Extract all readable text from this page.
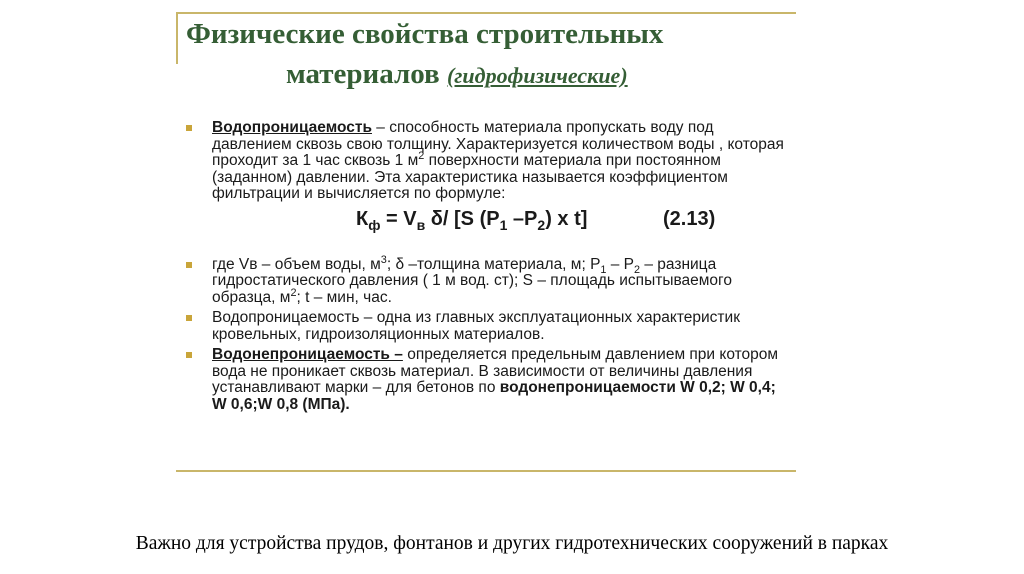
Физические свойства строительных
материалов (гидрофизические)
Водопроницаемость – способность материала пропускать воду под давлением сквозь свою толщину. Характеризуется количеством воды , которая проходит за 1 час сквозь 1 $м^2$ поверхности материала при постоянном (заданном) давлении. Эта характеристика называется коэффициентом фильтрации и вычисляется по формуле:
$К_ф = V_в$ δ/ [S ($P_1$ $-P_2$) x t]	(2.13)
где Vв – объем воды, $м^3$; δ –толщина материала, м; $Р_1 - Р_2$ – разница гидростатического давления ( 1 м вод. ст); S – площадь испытываемого образца, $м^2$; t – мин, час.
Водопроницаемость – одна из главных эксплуатационных характеристик кровельных, гидроизоляционных материалов.
Водонепроницаемость – определяется предельным давлением при котором вода не проникает сквозь материал. В зависимости от величины давления устанавливают марки – для бетонов по водонепроницаемости W 0,2; W 0,4; W 0,6;W 0,8 (МПа).
Важно для устройства прудов, фонтанов и других гидротехнических сооружений в парках
